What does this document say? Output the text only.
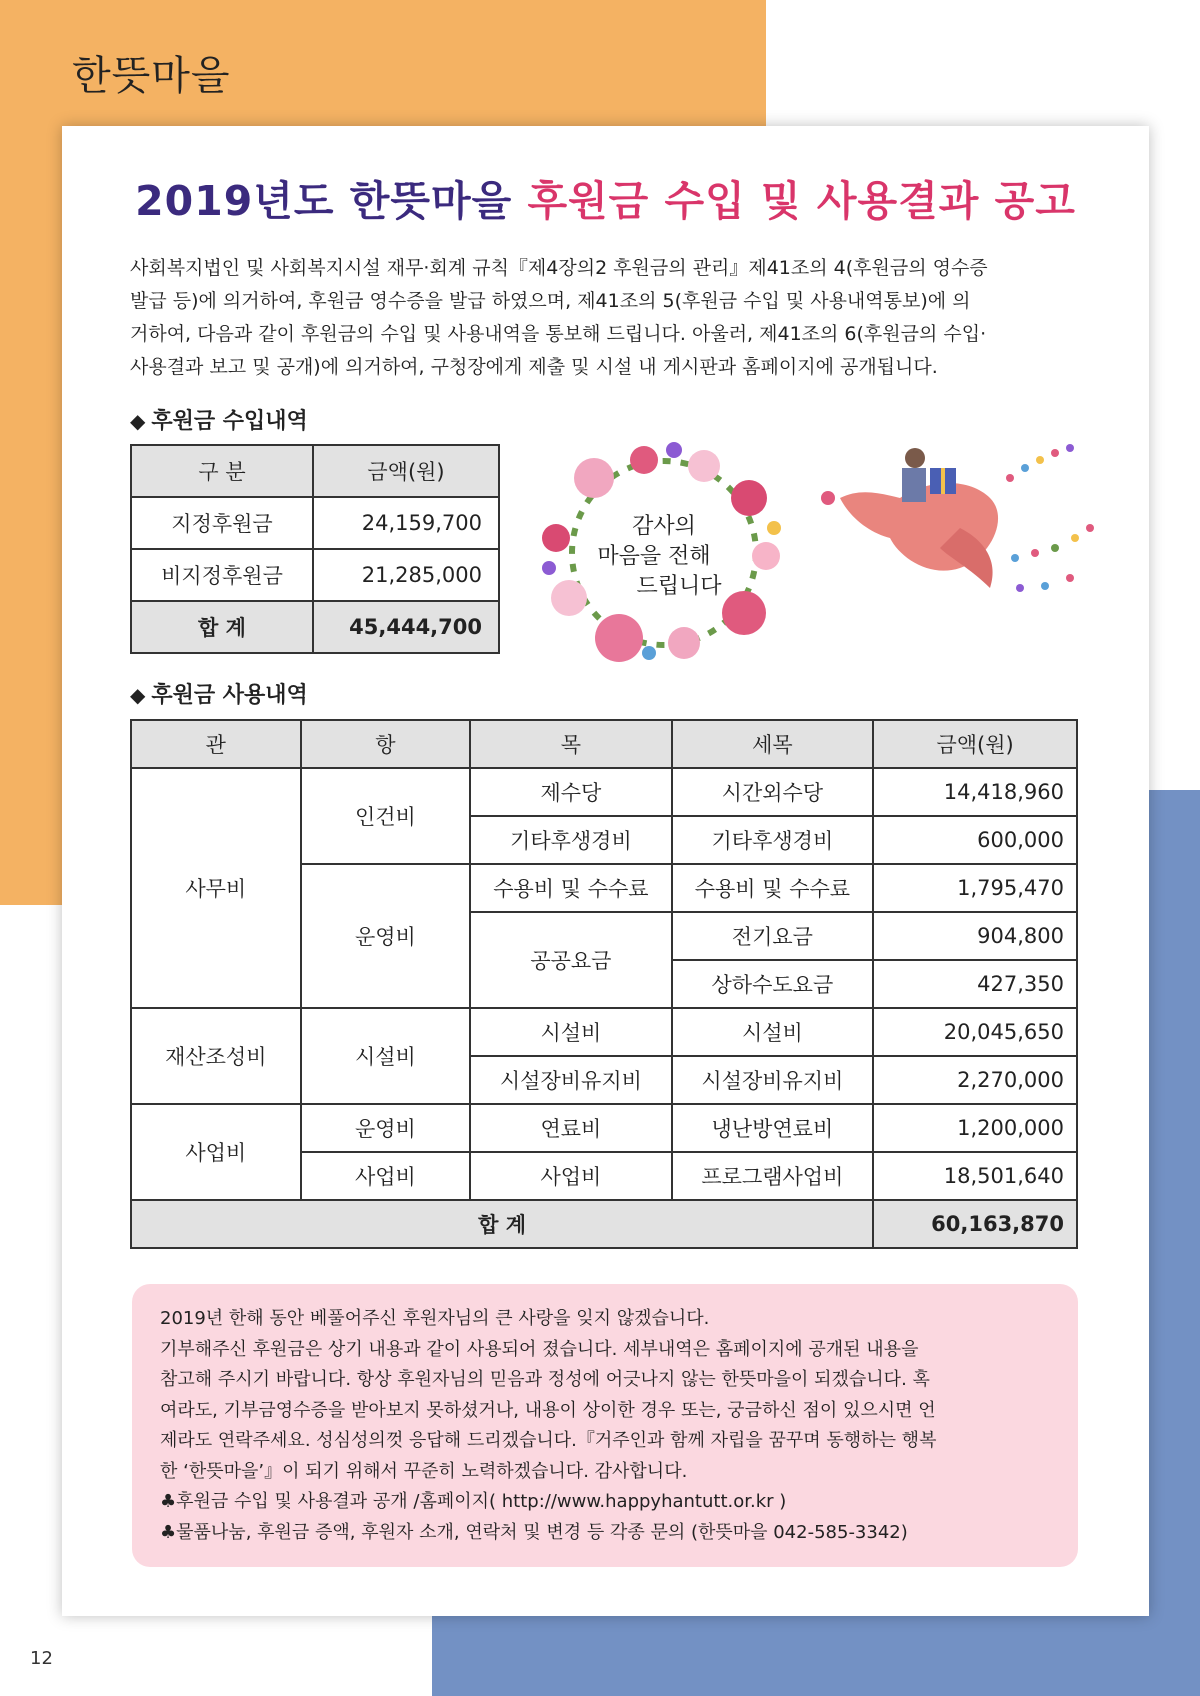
한뜻마을
12
2019년도 한뜻마을 후원금 수입 및 사용결과 공고
사회복지법인 및 사회복지시설 재무·회계 규칙『제4장의2 후원금의 관리』제41조의 4(후원금의 영수증
발급 등)에 의거하여, 후원금 영수증을 발급 하였으며, 제41조의 5(후원금 수입 및 사용내역통보)에 의
거하여, 다음과 같이 후원금의 수입 및 사용내역을 통보해 드립니다. 아울러, 제41조의 6(후원금의 수입·
사용결과 보고 및 공개)에 의거하여, 구청장에게 제출 및 시설 내 게시판과 홈페이지에 공개됩니다.
◆ 후원금 수입내역
구 분	금액(원)
지정후원금	24,159,700
비지정후원금	21,285,000
합 계	45,444,700
감사의
마음을 전해
드립니다
◆ 후원금 사용내역
관	항	목	세목	금액(원)
사무비	인건비	제수당	시간외수당	14,418,960
		기타후생경비	기타후생경비	600,000
	운영비	수용비 및 수수료	수용비 및 수수료	1,795,470
		공공요금	전기요금	904,800
			상하수도요금	427,350
재산조성비	시설비	시설비	시설비	20,045,650
		시설장비유지비	시설장비유지비	2,270,000
사업비	운영비	연료비	냉난방연료비	1,200,000
	사업비	사업비	프로그램사업비	18,501,640
합 계				60,163,870
2019년 한해 동안 베풀어주신 후원자님의 큰 사랑을 잊지 않겠습니다.
기부해주신 후원금은 상기 내용과 같이 사용되어 졌습니다. 세부내역은 홈페이지에 공개된 내용을
참고해 주시기 바랍니다. 항상 후원자님의 믿음과 정성에 어긋나지 않는 한뜻마을이 되겠습니다. 혹
여라도, 기부금영수증을 받아보지 못하셨거나, 내용이 상이한 경우 또는, 궁금하신 점이 있으시면 언
제라도 연락주세요. 성심성의껏 응답해 드리겠습니다.『거주인과 함께 자립을 꿈꾸며 동행하는 행복
한 ‘한뜻마을’』이 되기 위해서 꾸준히 노력하겠습니다. 감사합니다.
♣후원금 수입 및 사용결과 공개 /홈페이지( http://www.happyhantutt.or.kr )
♣물품나눔, 후원금 증액, 후원자 소개, 연락처 및 변경 등 각종 문의 (한뜻마을 042-585-3342)
